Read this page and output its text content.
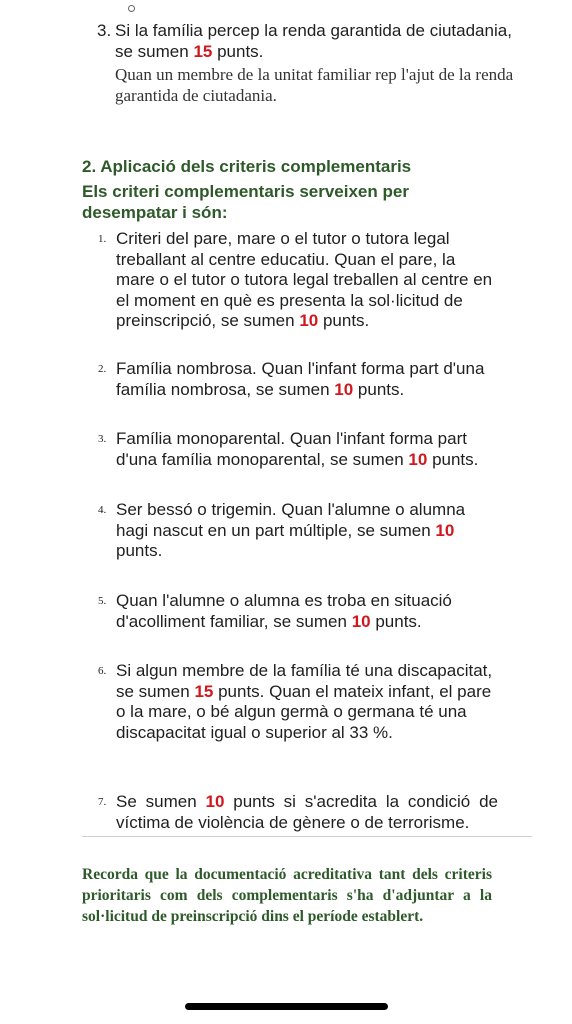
3. Si la família percep la renda garantida de ciutadania, se sumen 15 punts.
Quan un membre de la unitat familiar rep l'ajut de la renda garantida de ciutadania.
2. Aplicació dels criteris complementaris
Els criteri complementaris serveixen per desempatar i són:
1. Criteri del pare, mare o el tutor o tutora legal treballant al centre educatiu. Quan el pare, la mare o el tutor o tutora legal treballen al centre en el moment en què es presenta la sol·licitud de preinscripció, se sumen 10 punts.
2. Família nombrosa. Quan l'infant forma part d'una família nombrosa, se sumen 10 punts.
3. Família monoparental. Quan l'infant forma part d'una família monoparental, se sumen 10 punts.
4. Ser bessó o trigemin. Quan l'alumne o alumna hagi nascut en un part múltiple, se sumen 10 punts.
5. Quan l'alumne o alumna es troba en situació d'acolliment familiar, se sumen 10 punts.
6. Si algun membre de la família té una discapacitat, se sumen 15 punts. Quan el mateix infant, el pare o la mare, o bé algun germà o germana té una discapacitat igual o superior al 33 %.
7. Se sumen 10 punts si s'acredita la condició de víctima de violència de gènere o de terrorisme.
Recorda que la documentació acreditativa tant dels criteris prioritaris com dels complementaris s'ha d'adjuntar a la sol·licitud de preinscripció dins el període establert.
